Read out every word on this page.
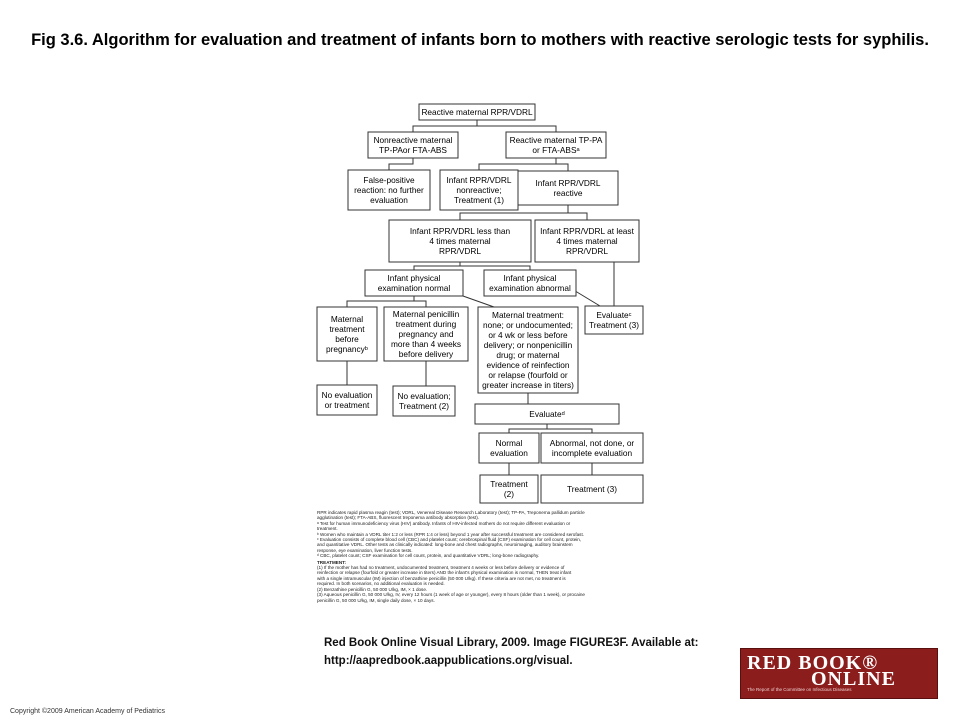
Fig 3.6. Algorithm for evaluation and treatment of infants born to mothers with reactive serologic tests for syphilis.
Reactive maternal RPR/VDRL
Nonreactive maternal
TP-PAor FTA-ABS
Reactive maternal TP-PA
or FTA-ABSᵃ
False-positive
reaction: no further
evaluation
Infant RPR/VDRL
nonreactive;
Treatment (1)
Infant RPR/VDRL
reactive
Infant RPR/VDRL less than
4 times maternal
RPR/VDRL
Infant RPR/VDRL at least
4 times maternal
RPR/VDRL
Infant physical
examination normal
Infant physical
examination abnormal
Evaluateᶜ
Treatment (3)
Maternal
treatment
before
pregnancyᵇ
Maternal penicillin
treatment during
pregnancy and
more than 4 weeks
before delivery
Maternal treatment:
none; or undocumented;
or 4 wk or less before
delivery; or nonpenicillin
drug; or maternal
evidence of reinfection
or relapse (fourfold or
greater increase in titers)
No evaluation
or treatment
No evaluation;
Treatment (2)
Evaluateᵈ
Normal
evaluation
Abnormal, not done, or
incomplete evaluation
Treatment
(2)	Treatment (3)
RPR indicates rapid plasma reagin (test); VDRL, Venereal Disease Research Laboratory (test); TP-PA, Treponema pallidum particle
agglutination (test); FTA-ABS, fluorescent treponema antibody absorption (test).
ᵃ Test for human immunodeficiency virus (HIV) antibody. Infants of HIV-infected mothers do not require different evaluation or
treatment.
ᵇ Women who maintain a VDRL titer 1:2 or less (RPR 1:4 or less) beyond 1 year after successful treatment are considered serofast.
ᶜ Evaluation consists of complete blood cell (CBC) and platelet count; cerebrospinal fluid (CSF) examination for cell count, protein,
and quantitative VDRL. Other tests as clinically indicated: long-bone and chest radiographs, neuroimaging, auditory brainstem
response, eye examination, liver function tests.
ᵈ CBC, platelet count; CSF examination for cell count, protein, and quantitative VDRL; long-bone radiography.
TREATMENT:
(1) If the mother has had no treatment, undocumented treatment, treatment 4 weeks or less before delivery or evidence of
reinfection or relapse (fourfold or greater increase in titers) AND the infant's physical examination is normal, THEN treat infant
with a single intramuscular (IM) injection of benzathine penicillin (50 000 U/kg). If these criteria are not met, no treatment is
required. In both scenarios, no additional evaluation is needed.
(2) Benzathine penicillin G, 50 000 U/kg, IM, × 1 dose.
(3) Aqueous penicillin G, 50 000 U/kg, IV, every 12 hours (1 week of age or younger), every 8 hours (older than 1 week), or procaine
penicillin G, 50 000 U/kg, IM, single daily dose, × 10 days.
Red Book Online Visual Library, 2009. Image FIGURE3F. Available at:
http://aapredbook.aappublications.org/visual.	RED BOOK®
ONLINE
The Report of the Committee on Infectious Diseases
Copyright ©2009 American Academy of Pediatrics
